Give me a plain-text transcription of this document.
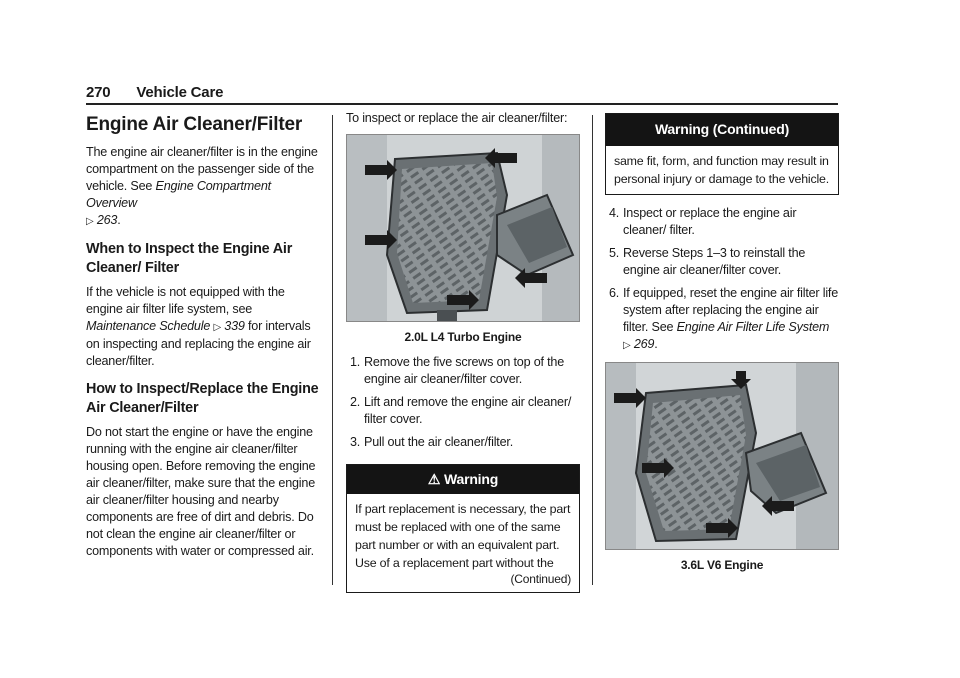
270 Vehicle Care
Engine Air Cleaner/Filter

The engine air cleaner/filter is in the engine compartment on the passenger side of the vehicle. See Engine Compartment Overview
▷ 263.

When to Inspect the Engine Air Cleaner/ Filter

If the vehicle is not equipped with the engine air filter life system, see Maintenance Schedule ▷ 339 for intervals on inspecting and replacing the engine air cleaner/filter.

How to Inspect/Replace the Engine Air Cleaner/Filter

Do not start the engine or have the engine running with the engine air cleaner/filter housing open. Before removing the engine air cleaner/filter, make sure that the engine air cleaner/filter housing and nearby components are free of dirt and debris. Do not clean the engine air cleaner/filter or components with water or compressed air.

To inspect or replace the air cleaner/filter:

2.0L L4 Turbo Engine
1. Remove the five screws on top of the engine air cleaner/filter cover.
2. Lift and remove the engine air cleaner/ filter cover.
3. Pull out the air cleaner/filter.
⚠ Warning
If part replacement is necessary, the part must be replaced with one of the same part number or with an equivalent part. Use of a replacement part without the
(Continued)
Warning (Continued)
same fit, form, and function may result in personal injury or damage to the vehicle.
4. Inspect or replace the engine air cleaner/ filter.
5. Reverse Steps 1–3 to reinstall the engine air cleaner/filter cover.
6. If equipped, reset the engine air filter life system after replacing the engine air filter. See Engine Air Filter Life System
▷ 269.
3.6L V6 Engine
